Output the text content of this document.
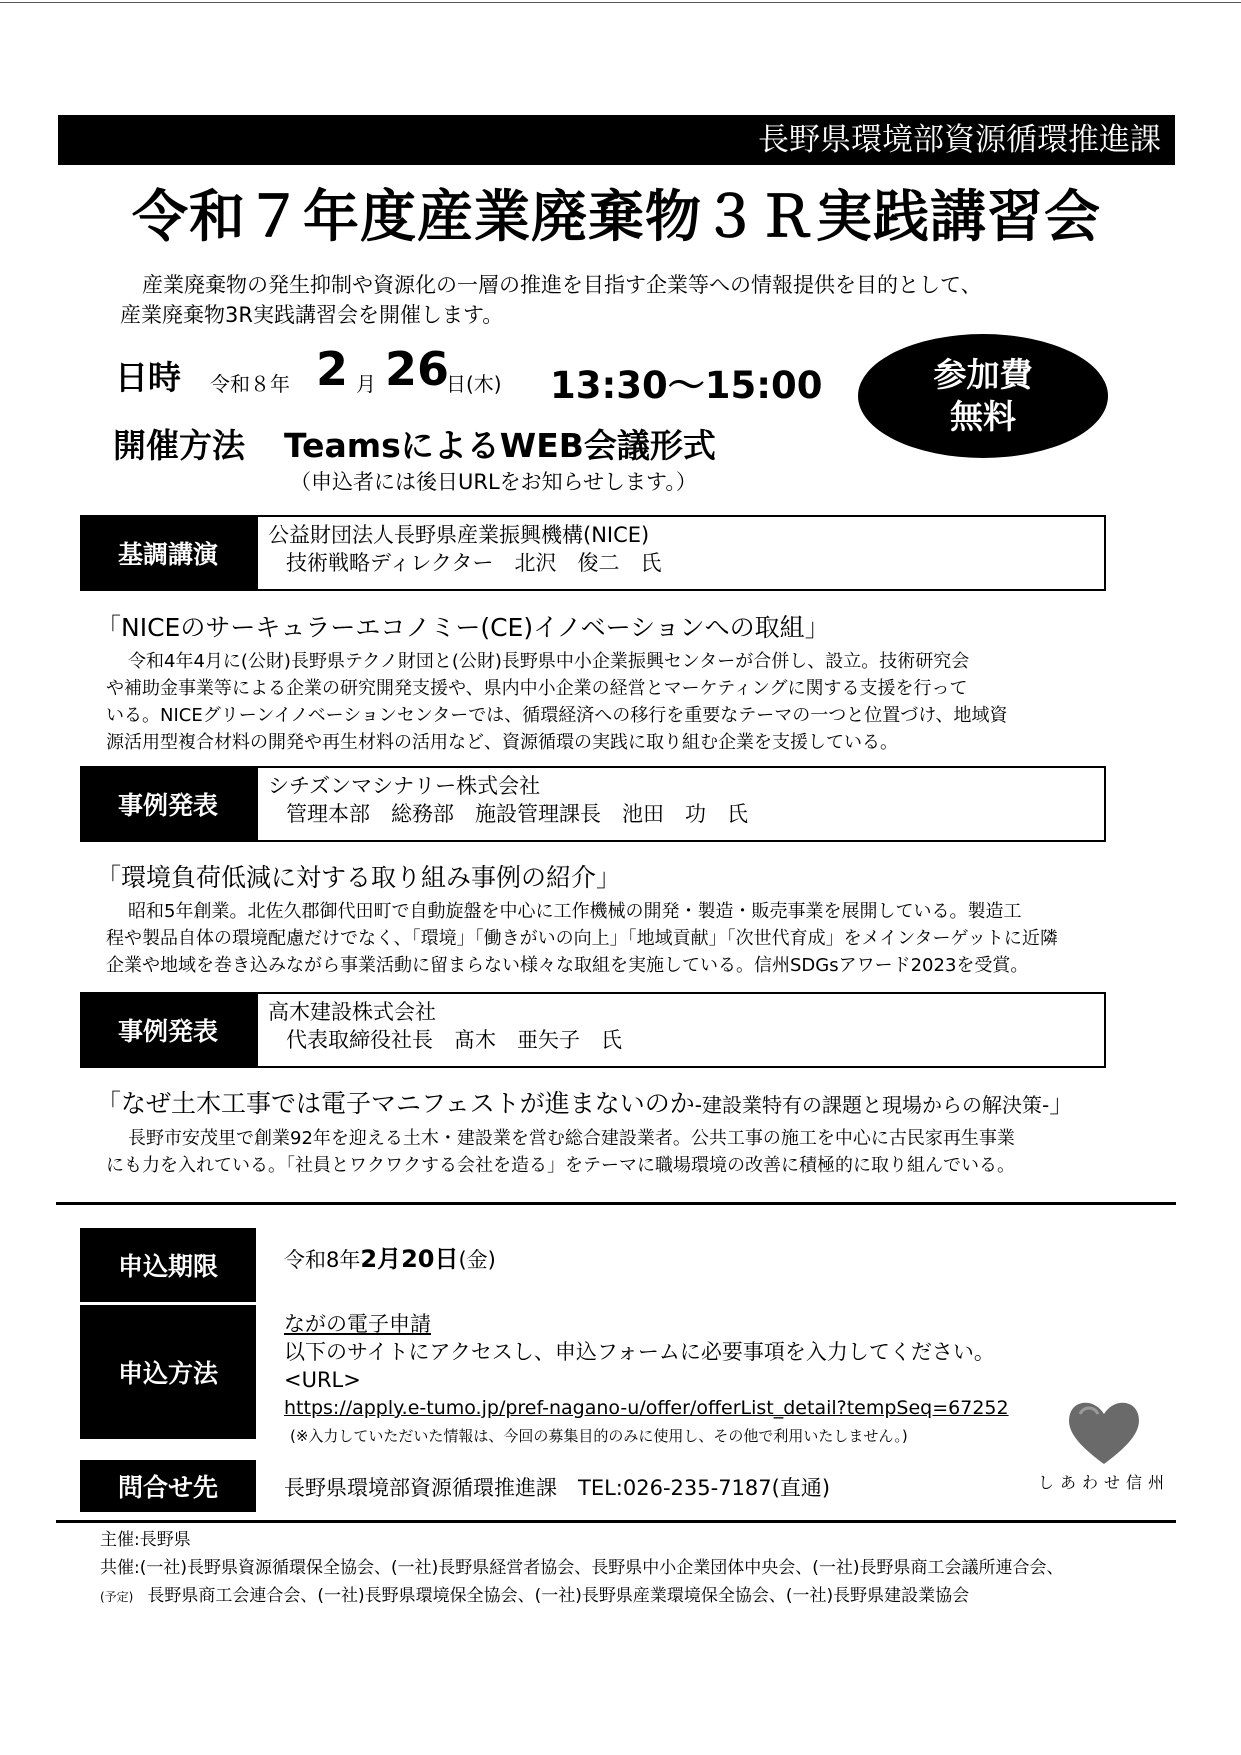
長野県環境部資源循環推進課
令和７年度産業廃棄物３Ｒ実践講習会

産業廃棄物の発生抑制や資源化の一層の推進を目指す企業等への情報提供を目的として、

産業廃棄物3R実践講習会を開催します。

日時 令和８年 2 月 26
日(木) 13:30〜15:00
開催方法 TeamsによるWEB会議形式
（申込者には後日URLをお知らせします。）
参加費
無料
基調講演
公益財団法人長野県産業振興機構(NICE)
技術戦略ディレクター　北沢　俊二　氏
「NICEのサーキュラーエコノミー(CE)イノベーションへの取組」

令和4年4月に(公財)長野県テクノ財団と(公財)長野県中小企業振興センターが合併し、設立。技術研究会

や補助金事業等による企業の研究開発支援や、県内中小企業の経営とマーケティングに関する支援を行って

いる。NICEグリーンイノベーションセンターでは、循環経済への移行を重要なテーマの一つと位置づけ、地域資

源活用型複合材料の開発や再生材料の活用など、資源循環の実践に取り組む企業を支援している。

事例発表
シチズンマシナリー株式会社
管理本部　総務部　施設管理課長　池田　功　氏
「環境負荷低減に対する取り組み事例の紹介」

昭和5年創業。北佐久郡御代田町で自動旋盤を中心に工作機械の開発・製造・販売事業を展開している。製造工

程や製品自体の環境配慮だけでなく、「環境」「働きがいの向上」「地域貢献」「次世代育成」をメインターゲットに近隣

企業や地域を巻き込みながら事業活動に留まらない様々な取組を実施している。信州SDGsアワード2023を受賞。

事例発表
高木建設株式会社
代表取締役社長　髙木　亜矢子　氏
「なぜ土木工事では電子マニフェストが進まないのか-建設業特有の課題と現場からの解決策-」

長野市安茂里で創業92年を迎える土木・建設業を営む総合建設業者。公共工事の施工を中心に古民家再生事業

にも力を入れている。「社員とワクワクする会社を造る」をテーマに職場環境の改善に積極的に取り組んでいる。

申込期限	令和8年2月20日(金)
申込方法

ながの電子申請

以下のサイトにアクセスし、申込フォームに必要事項を入力してください。

<URL>

https://apply.e-tumo.jp/pref-nagano-u/offer/offerList_detail?tempSeq=67252

(※入力していただいた情報は、今回の募集目的のみに使用し、その他で利用いたしません。)

問合せ先	長野県環境部資源循環推進課　TEL:026-235-7187(直通)	しあわせ信州

主催:長野県

共催:(一社)長野県資源循環保全協会、(一社)長野県経営者協会、長野県中小企業団体中央会、(一社)長野県商工会議所連合会、

(予定) 長野県商工会連合会、(一社)長野県環境保全協会、(一社)長野県産業環境保全協会、(一社)長野県建設業協会
